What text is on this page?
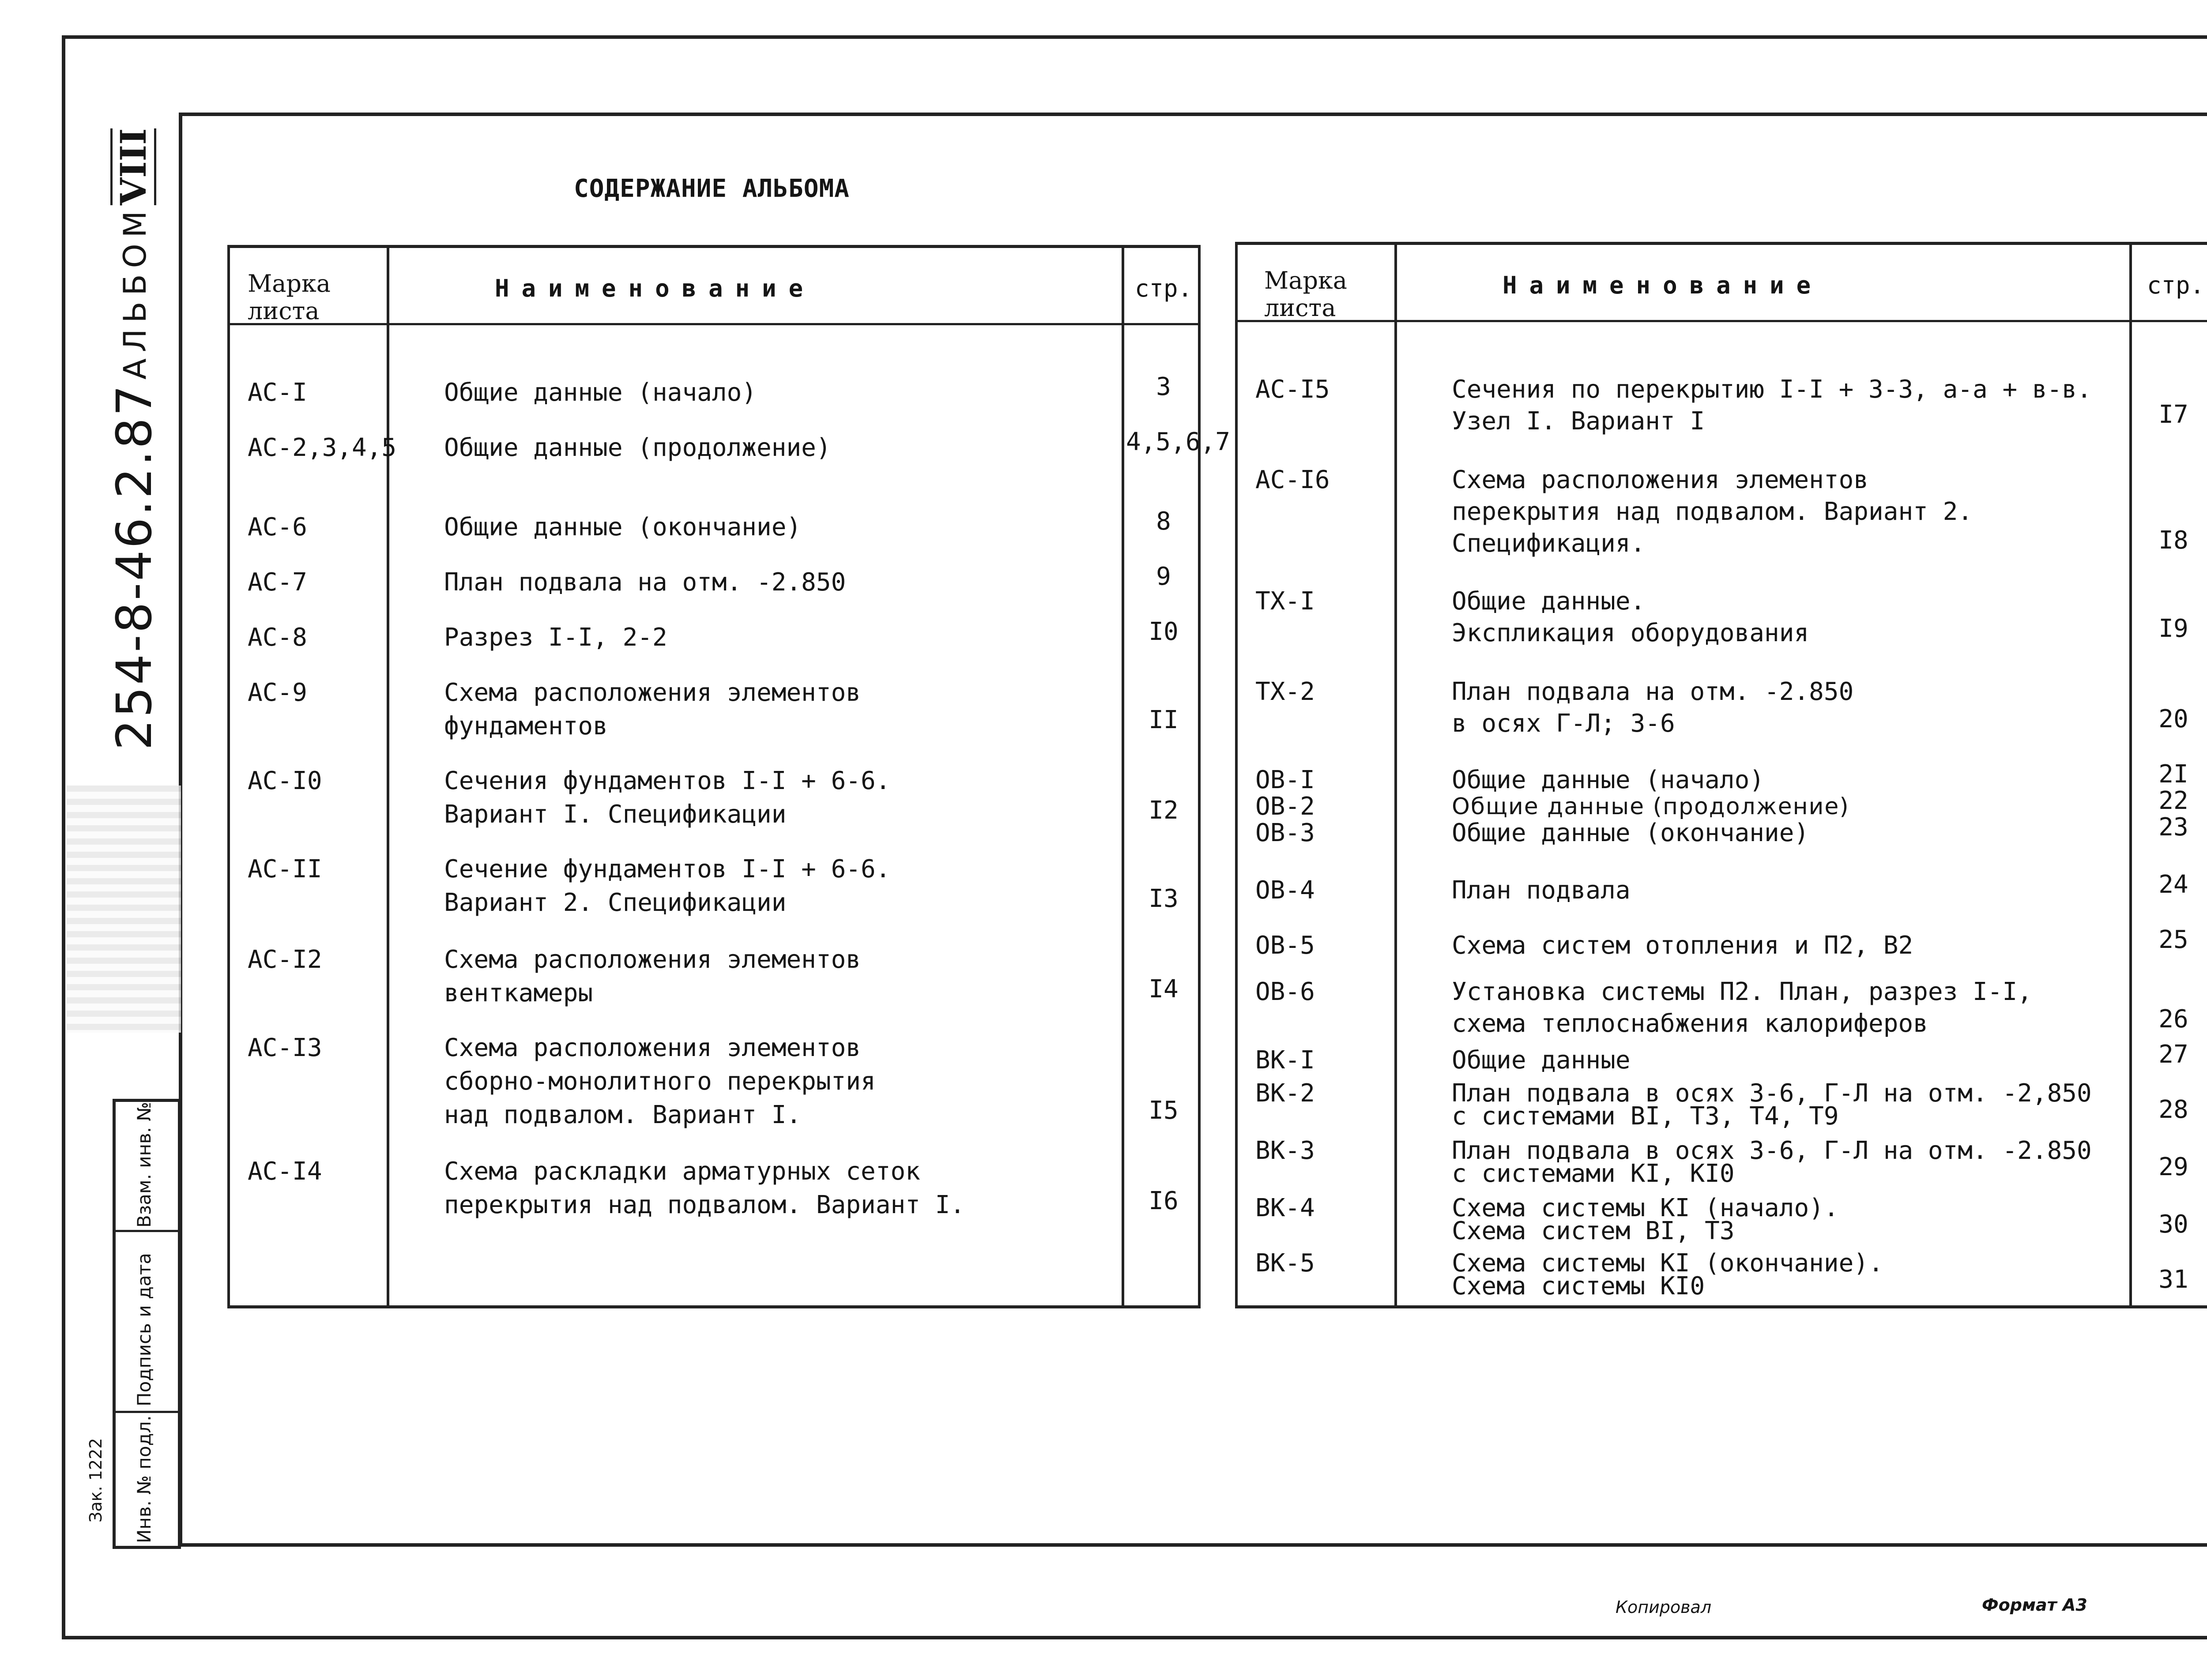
VIII
АЛЬБОМ
254-8-46.2.87
Взам. инв. №
Подпись и дата
Инв. № подл.
Зак. 1222
СОДЕРЖАНИЕ АЛЬБОМА
Марка листа
Наименование	стр.
АС-I	Общие данные (начало)	3
АС-2,3,4,5 Общие данные (продолжение)	4,5,6,7
АС-6	Общие данные (окончание)	8
АС-7	План подвала на отм. -2.850	9
АС-8	Разрез I-I, 2-2	I0
АС-9	Схема расположения элементов
фундаментов	II
АС-I0	Сечения фундаментов I-I + 6-6.
Вариант I. Спецификации	I2
АС-II	Сечение фундаментов I-I + 6-6.
Вариант 2. Спецификации	I3
АС-I2	Схема расположения элементов
венткамеры	I4
АС-I3	Схема расположения элементов
сборно-монолитного перекрытия
над подвалом. Вариант I.	I5
АС-I4	Схема раскладки арматурных сеток
перекрытия над подвалом. Вариант I.	I6
Марка листа
Наименование	стр.
АС-I5	Сечения по перекрытию I-I + 3-3, а-а + в-в.
Узел I. Вариант I	I7
АС-I6	Схема расположения элементов
перекрытия над подвалом. Вариант 2.
Спецификация.	I8
ТХ-I	Общие данные.
Экспликация оборудования	I9
ТХ-2	План подвала на отм. -2.850
в осях Г-Л; 3-6	20
ОВ-I	Общие данные (начало)	2I
ОВ-2	Общие данные (продолжение)	22
ОВ-3	Общие данные (окончание)	23
ОВ-4	План подвала	24
ОВ-5	Схема систем отопления и П2, В2	25
ОВ-6	Установка системы П2. План, разрез I-I,
схема теплоснабжения калориферов	26
ВК-I	Общие данные	27
ВК-2	План подвала в осях 3-6, Г-Л на отм. -2,850
с системами ВI, Т3, Т4, Т9	28
ВК-3	План подвала в осях 3-6, Г-Л на отм. -2.850
с системами КI, КI0	29
ВК-4	Схема системы КI (начало).
Схема систем ВI, Т3	30
ВК-5	Схема системы КI (окончание).
Схема системы КI0	31
Копировал	Формат А3
